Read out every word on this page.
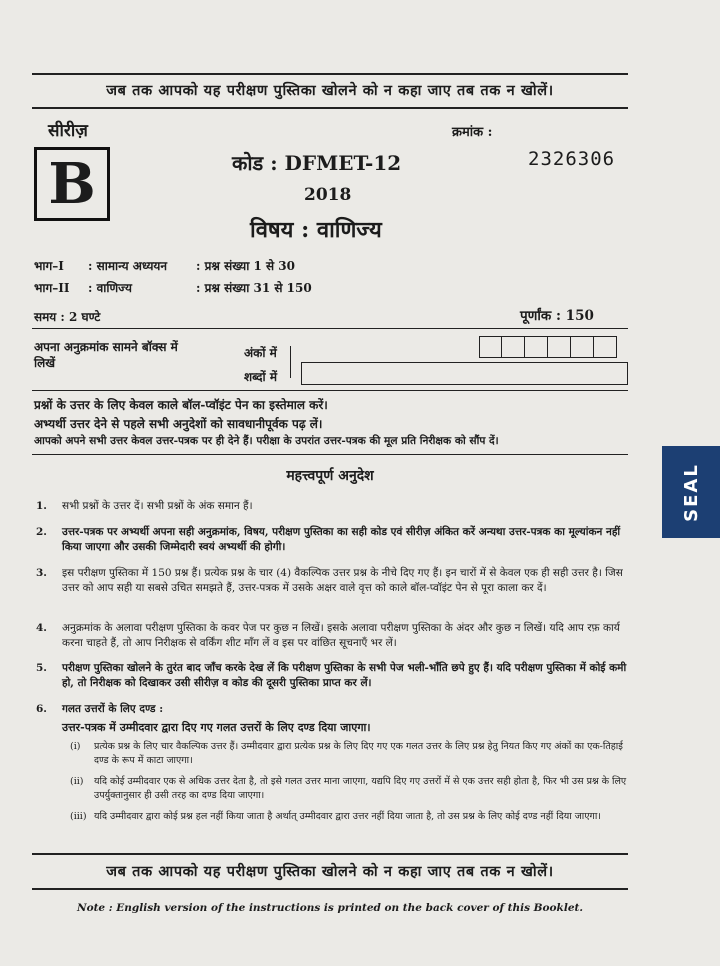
जब तक आपको यह परीक्षण पुस्तिका खोलने को न कहा जाए तब तक न खोलें।
सीरीज़	क्रमांक :
B	कोड : DFMET-12	2326306
2018
विषय : वाणिज्य
भाग–I : सामान्य अध्ययन : प्रश्न संख्या 1 से 30
भाग–II : वाणिज्य	: प्रश्न संख्या 31 से 150
समय : 2 घण्टे	पूर्णांक : 150
अपना अनुक्रमांक सामने बॉक्स में
लिखें
अंकों में
शब्दों में
प्रश्नों के उत्तर के लिए केवल काले बॉल-प्वॉइंट पेन का इस्तेमाल करें।
अभ्यर्थी उत्तर देने से पहले सभी अनुदेशों को सावधानीपूर्वक पढ़ लें।
आपको अपने सभी उत्तर केवल उत्तर-पत्रक पर ही देने हैं। परीक्षा के उपरांत उत्तर-पत्रक की मूल प्रति निरीक्षक को सौंप दें।
महत्त्वपूर्ण अनुदेश
1. सभी प्रश्नों के उत्तर दें। सभी प्रश्नों के अंक समान हैं।
2. उत्तर-पत्रक पर अभ्यर्थी अपना सही अनुक्रमांक, विषय, परीक्षण पुस्तिका का सही कोड एवं सीरीज़ अंकित करें अन्यथा उत्तर-पत्रक का मूल्यांकन नहीं किया जाएगा और उसकी जिम्मेदारी स्वयं अभ्यर्थी की होगी।
3. इस परीक्षण पुस्तिका में 150 प्रश्न हैं। प्रत्येक प्रश्न के चार (4) वैकल्पिक उत्तर प्रश्न के नीचे दिए गए हैं। इन चारों में से केवल एक ही सही उत्तर है। जिस उत्तर को आप सही या सबसे उचित समझते हैं, उत्तर-पत्रक में उसके अक्षर वाले वृत्त को काले बॉल-प्वॉइंट पेन से पूरा काला कर दें।
4. अनुक्रमांक के अलावा परीक्षण पुस्तिका के कवर पेज पर कुछ न लिखें। इसके अलावा परीक्षण पुस्तिका के अंदर और कुछ न लिखें। यदि आप रफ़ कार्य करना चाहते हैं, तो आप निरीक्षक से वर्किंग शीट माँग लें व इस पर वांछित सूचनाएँ भर लें।
5. परीक्षण पुस्तिका खोलने के तुरंत बाद जाँच करके देख लें कि परीक्षण पुस्तिका के सभी पेज भली-भाँति छपे हुए हैं। यदि परीक्षण पुस्तिका में कोई कमी हो, तो निरीक्षक को दिखाकर उसी सीरीज़ व कोड की दूसरी पुस्तिका प्राप्त कर लें।
6. गलत उत्तरों के लिए दण्ड :
उत्तर-पत्रक में उम्मीदवार द्वारा दिए गए गलत उत्तरों के लिए दण्ड दिया जाएगा।
(i) प्रत्येक प्रश्न के लिए चार वैकल्पिक उत्तर हैं। उम्मीदवार द्वारा प्रत्येक प्रश्न के लिए दिए गए एक गलत उत्तर के लिए प्रश्न हेतु नियत किए गए अंकों का एक-तिहाई दण्ड के रूप में काटा जाएगा।
(ii) यदि कोई उम्मीदवार एक से अधिक उत्तर देता है, तो इसे गलत उत्तर माना जाएगा, यद्यपि दिए गए उत्तरों में से एक उत्तर सही होता है, फिर भी उस प्रश्न के लिए उपर्युक्तानुसार ही उसी तरह का दण्ड दिया जाएगा।
(iii) यदि उम्मीदवार द्वारा कोई प्रश्न हल नहीं किया जाता है अर्थात् उम्मीदवार द्वारा उत्तर नहीं दिया जाता है, तो उस प्रश्न के लिए कोई दण्ड नहीं दिया जाएगा।
जब तक आपको यह परीक्षण पुस्तिका खोलने को न कहा जाए तब तक न खोलें।
Note : English version of the instructions is printed on the back cover of this Booklet.
SEAL
